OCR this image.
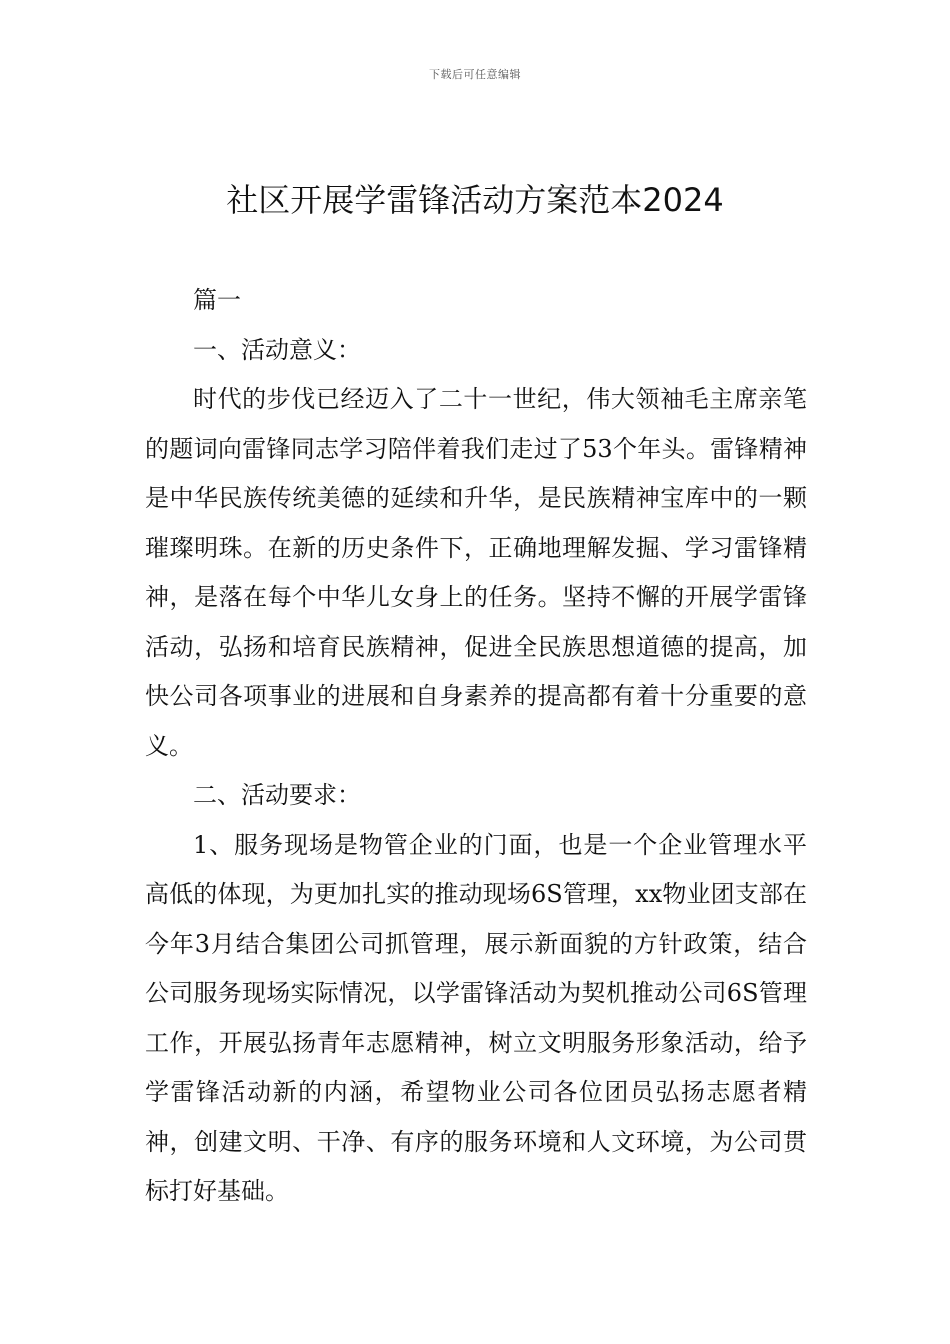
下载后可任意编辑
社区开展学雷锋活动方案范本2024

篇一

一、活动意义：

时代的步伐已经迈入了二十一世纪，伟大领袖毛主席亲笔的题词向雷锋同志学习陪伴着我们走过了53个年头。雷锋精神是中华民族传统美德的延续和升华，是民族精神宝库中的一颗璀璨明珠。在新的历史条件下，正确地理解发掘、学习雷锋精神，是落在每个中华儿女身上的任务。坚持不懈的开展学雷锋活动，弘扬和培育民族精神，促进全民族思想道德的提高，加快公司各项事业的进展和自身素养的提高都有着十分重要的意义。

二、活动要求：

1、服务现场是物管企业的门面，也是一个企业管理水平高低的体现，为更加扎实的推动现场6S管理，xx物业团支部在今年3月结合集团公司抓管理，展示新面貌的方针政策，结合公司服务现场实际情况，以学雷锋活动为契机推动公司6S管理工作，开展弘扬青年志愿精神，树立文明服务形象活动，给予学雷锋活动新的内涵，希望物业公司各位团员弘扬志愿者精神，创建文明、干净、有序的服务环境和人文环境，为公司贯标打好基础。
